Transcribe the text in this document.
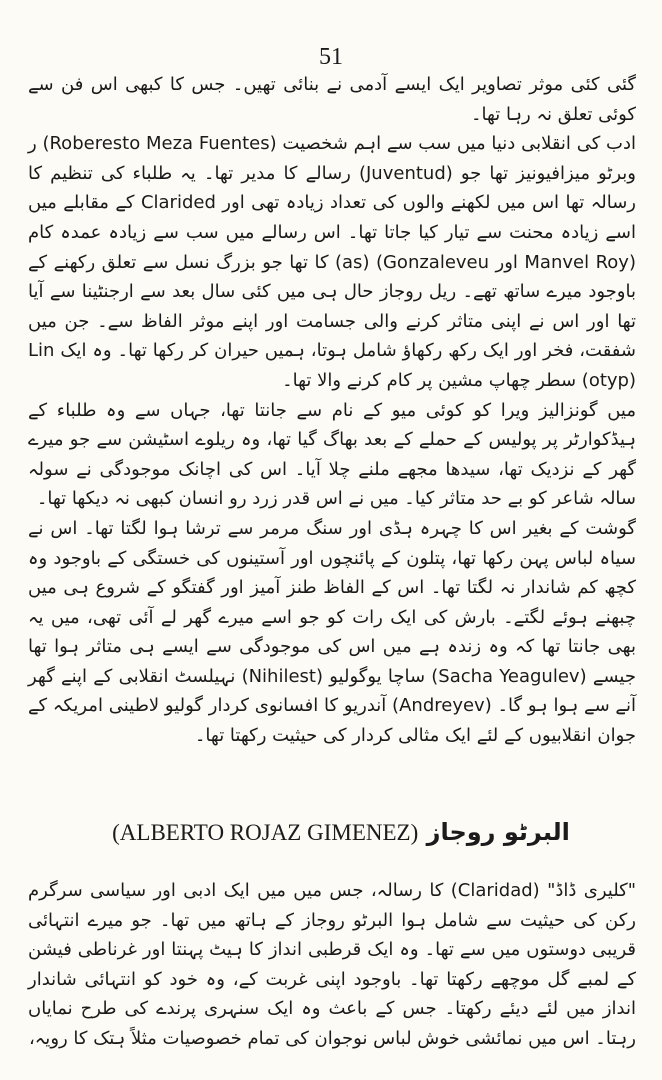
51

گئی کئی موثر تصاویر ایک ایسے آدمی نے بنائی تھیں۔ جس کا کبھی اس فن سے کوئی تعلق نہ رہا تھا۔

ادب کی انقلابی دنیا میں سب سے اہم شخصیت (Roberesto Meza Fuentes) ر وبرٹو میزافیونیز تھا جو (Juventud) رسالے کا مدیر تھا۔ یہ طلباء کی تنظیم کا رسالہ تھا اس میں لکھنے والوں کی تعداد زیادہ تھی اور Clarided کے مقابلے میں اسے زیادہ محنت سے تیار کیا جاتا تھا۔ اس رسالے میں سب سے زیادہ عمدہ کام (Manvel Roy اور Gonzaleveu) (as) کا تھا جو بزرگ نسل سے تعلق رکھنے کے باوجود میرے ساتھ تھے۔ ریل روجاز حال ہی میں کئی سال بعد سے ارجنٹینا سے آیا تھا اور اس نے اپنی متاثر کرنے والی جسامت اور اپنے موثر الفاظ سے۔ جن میں شفقت، فخر اور ایک رکھ رکھاؤ شامل ہوتا، ہمیں حیران کر رکھا تھا۔ وہ ایک Lin (otyp) سطر چھاپ مشین پر کام کرنے والا تھا۔

میں گونزالیز ویرا کو کوئی میو کے نام سے جانتا تھا، جہاں سے وہ طلباء کے ہیڈکوارٹر پر پولیس کے حملے کے بعد بھاگ گیا تھا، وہ ریلوے اسٹیشن سے جو میرے گھر کے نزدیک تھا، سیدھا مجھے ملنے چلا آیا۔ اس کی اچانک موجودگی نے سولہ سالہ شاعر کو بے حد متاثر کیا۔ میں نے اس قدر زرد رو انسان کبھی نہ دیکھا تھا۔

گوشت کے بغیر اس کا چہرہ ہڈی اور سنگ مرمر سے ترشا ہوا لگتا تھا۔ اس نے سیاہ لباس پہن رکھا تھا، پتلون کے پائنچوں اور آستینوں کی خستگی کے باوجود وہ کچھ کم شاندار نہ لگتا تھا۔ اس کے الفاظ طنز آمیز اور گفتگو کے شروع ہی میں چبھنے ہوئے لگتے۔ بارش کی ایک رات کو جو اسے میرے گھر لے آئی تھی، میں یہ بھی جانتا تھا کہ وہ زندہ ہے میں اس کی موجودگی سے ایسے ہی متاثر ہوا تھا جیسے (Sacha Yeagulev) ساچا یوگولیو (Nihilest) نہیلسٹ انقلابی کے اپنے گھر آنے سے ہوا ہو گا۔ (Andreyev) آندریو کا افسانوی کردار گولیو لاطینی امریکہ کے جوان انقلابیوں کے لئے ایک مثالی کردار کی حیثیت رکھتا تھا۔

البرٹو روجاز (ALBERTO ROJAZ GIMENEZ)

"کلیری ڈاڈ" (Claridad) کا رسالہ، جس میں میں ایک ادبی اور سیاسی سرگرم رکن کی حیثیت سے شامل ہوا البرٹو روجاز کے ہاتھ میں تھا۔ جو میرے انتہائی قریبی دوستوں میں سے تھا۔ وہ ایک قرطبی انداز کا ہیٹ پہنتا اور غرناطی فیشن کے لمبے گل موچھے رکھتا تھا۔ باوجود اپنی غربت کے، وہ خود کو انتہائی شاندار انداز میں لئے دیئے رکھتا۔ جس کے باعث وہ ایک سنہری پرندے کی طرح نمایاں رہتا۔ اس میں نمائشی خوش لباس نوجوان کی تمام خصوصیات مثلاً ہتک کا رویہ،
